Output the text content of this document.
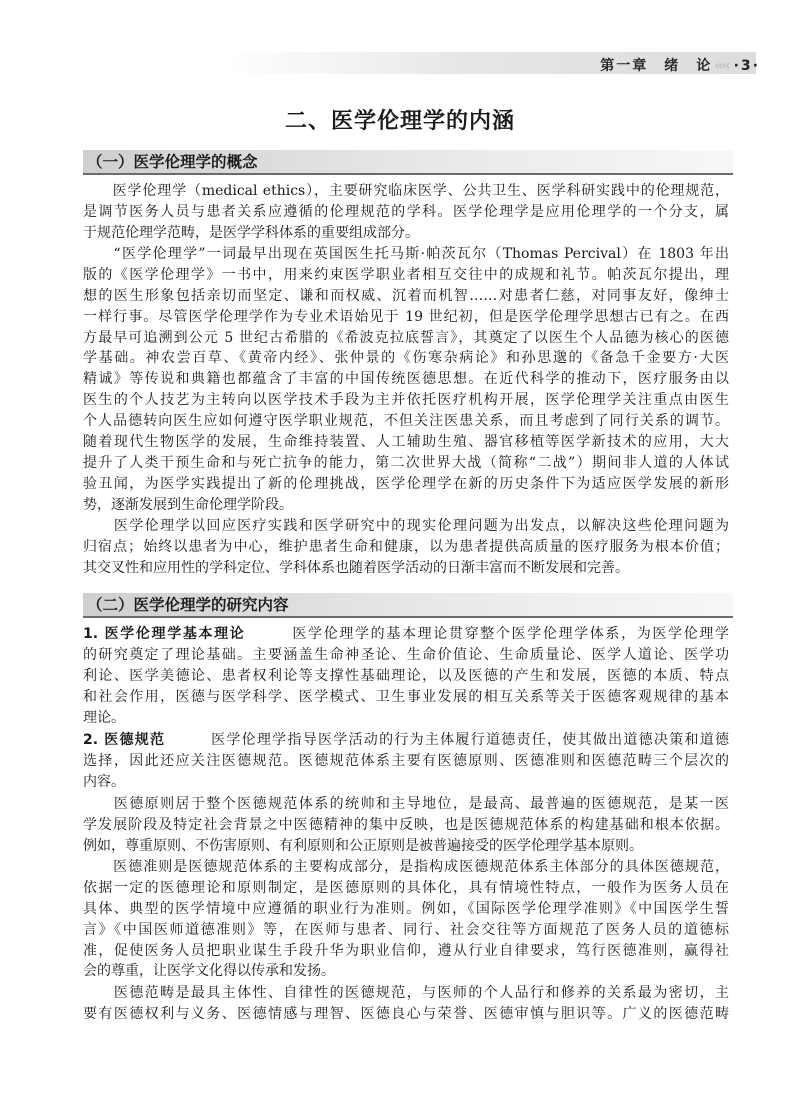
第一章　绪　论 ‹‹‹‹ ·3·
二、医学伦理学的内涵
（一）医学伦理学的概念
　　医学伦理学（medical ethics），主要研究临床医学、公共卫生、医学科研实践中的伦理规范，
是调节医务人员与患者关系应遵循的伦理规范的学科。医学伦理学是应用伦理学的一个分支，属
于规范伦理学范畴，是医学学科体系的重要组成部分。
　　“医学伦理学”一词最早出现在英国医生托马斯·帕茨瓦尔（Thomas Percival）在 1803 年出
版的《医学伦理学》一书中，用来约束医学职业者相互交往中的成规和礼节。帕茨瓦尔提出，理
想的医生形象包括亲切而坚定、谦和而权威、沉着而机智……对患者仁慈，对同事友好，像绅士
一样行事。尽管医学伦理学作为专业术语始见于 19 世纪初，但是医学伦理学思想古已有之。在西
方最早可追溯到公元 5 世纪古希腊的《希波克拉底誓言》，其奠定了以医生个人品德为核心的医德
学基础。神农尝百草、《黄帝内经》、张仲景的《伤寒杂病论》和孙思邈的《备急千金要方·大医
精诚》等传说和典籍也都蕴含了丰富的中国传统医德思想。在近代科学的推动下，医疗服务由以
医生的个人技艺为主转向以医学技术手段为主并依托医疗机构开展，医学伦理学关注重点由医生
个人品德转向医生应如何遵守医学职业规范，不但关注医患关系，而且考虑到了同行关系的调节。
随着现代生物医学的发展，生命维持装置、人工辅助生殖、器官移植等医学新技术的应用，大大
提升了人类干预生命和与死亡抗争的能力，第二次世界大战（简称“二战”）期间非人道的人体试
验丑闻，为医学实践提出了新的伦理挑战，医学伦理学在新的历史条件下为适应医学发展的新形
势，逐渐发展到生命伦理学阶段。
　　医学伦理学以回应医疗实践和医学研究中的现实伦理问题为出发点，以解决这些伦理问题为
归宿点；始终以患者为中心，维护患者生命和健康，以为患者提供高质量的医疗服务为根本价值；
其交叉性和应用性的学科定位、学科体系也随着医学活动的日渐丰富而不断发展和完善。
（二）医学伦理学的研究内容
1. 医学伦理学基本理论　　　医学伦理学的基本理论贯穿整个医学伦理学体系，为医学伦理学
的研究奠定了理论基础。主要涵盖生命神圣论、生命价值论、生命质量论、医学人道论、医学功
利论、医学美德论、患者权利论等支撑性基础理论，以及医德的产生和发展，医德的本质、特点
和社会作用，医德与医学科学、医学模式、卫生事业发展的相互关系等关于医德客观规律的基本
理论。
2. 医德规范　　　医学伦理学指导医学活动的行为主体履行道德责任，使其做出道德决策和道德
选择，因此还应关注医德规范。医德规范体系主要有医德原则、医德准则和医德范畴三个层次的
内容。
　　医德原则居于整个医德规范体系的统帅和主导地位，是最高、最普遍的医德规范，是某一医
学发展阶段及特定社会背景之中医德精神的集中反映，也是医德规范体系的构建基础和根本依据。
例如，尊重原则、不伤害原则、有利原则和公正原则是被普遍接受的医学伦理学基本原则。
　　医德准则是医德规范体系的主要构成部分，是指构成医德规范体系主体部分的具体医德规范，
依据一定的医德理论和原则制定，是医德原则的具体化，具有情境性特点，一般作为医务人员在
具体、典型的医学情境中应遵循的职业行为准则。例如，《国际医学伦理学准则》《中国医学生誓
言》《中国医师道德准则》等，在医师与患者、同行、社会交往等方面规范了医务人员的道德标
准，促使医务人员把职业谋生手段升华为职业信仰，遵从行业自律要求，笃行医德准则，赢得社
会的尊重，让医学文化得以传承和发扬。
　　医德范畴是最具主体性、自律性的医德规范，与医师的个人品行和修养的关系最为密切，主
要有医德权利与义务、医德情感与理智、医德良心与荣誉、医德审慎与胆识等。广义的医德范畴
